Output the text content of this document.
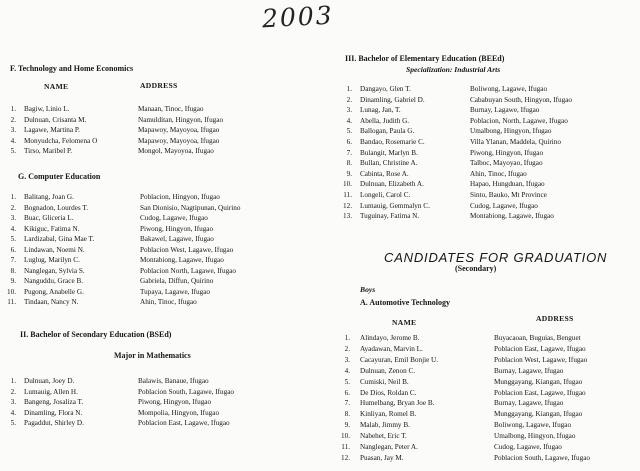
2003
F. Technology and Home Economics
NAME	ADDRESS
G. Computer Education
II. Bachelor of Secondary Education (BSEd)
Major in Mathematics
III. Bachelor of Elementary Education (BEEd)
Specialization: Industrial Arts
CANDIDATES FOR GRADUATION
(Secondary)
Boys
A. Automotive Technology
NAME	ADDRESS
1. Bagiw, Linio L.	Manaan, Tinoc, Ifugao
2. Dulnuan, Crisanta M.	Namulditan, Hingyon, Ifugao
3. Lagawe, Martina P.	Mapawoy, Mayoyoa, Ifugao
4. Monyudcha, Felomena O	Mapawoy, Mayoyoa, Ifugao
5. Tirso, Maribel P.	Mongol, Mayoyoa, Ifugao
1. Balitang, Joan G.	Poblacion, Hingyon, Ifugao
2. Bognadon, Lourdes T.	San Dionisio, Nagtipunan, Quirino
3. Buac, Gliceria L.	Cudog, Lagawe, Ifugao
4. Kikiguc, Fatima N.	Piwong, Hingyon, Ifugao
5. Lardizabal, Gina Mae T.	Bakawel, Lagawe, Ifugao
6. Lindawan, Noemi N.	Poblacion West, Lagawe, Ifugao
7. Luglug, Marilyn C.	Montabiong, Lagawe, Ifugao
8. Nanglegan, Sylvia S.	Poblacion North, Lagawe, Ifugao
9. Nanguddu, Grace B.	Gabriela, Diffun, Quirino
10. Pugong, Anabelle G.	Tupaya, Lagawe, Ifugao
11. Tindaan, Nancy N.	Ahin, Tinoc, Ifugao
1. Dulnuan, Joey D.	Balawis, Banaue, Ifugao
2. Lumauig, Allen H.	Poblacion South, Lagawe, Ifugao
3. Bangeng, Josaliza T.	Piwong, Hingyon, Ifugao
4. Dinamling, Flora N.	Mompolia, Hingyon, Ifugao
5. Pagaddut, Shirley D.	Poblacion East, Lagawe, Ifugao
1. Dangayo, Glen T.	Boliwong, Lagawe, Ifugao
2. Dinamling, Gabriel D.	Cababuyan South, Hingyon, Ifugao
3. Lunag, Jan, T.	Burnay, Lagawe, Ifugao
4. Abella, Judith G.	Poblacion, North, Lagawe, Ifugao
5. Ballogan, Paula G.	Umalbong, Hingyon, Ifugao
6. Bandao, Rosemarie C.	Villa Ylanan, Maddela, Quirino
7. Bulangit, Marlyn B.	Piwong, Hingyon, Ifugao
8. Bullan, Christine A.	Talboc, Mayoyao, Ifugao
9. Cabinta, Rose A.	Ahin, Tinoc, Ifugao
10. Dulnuan, Elizabeth A.	Hapao, Hungduan, Ifugao
11. Longeli, Carol C.	Sinto, Bauko, Mt Province
12. Lumauig, Gemmalyn C.	Cudog, Lagawe, Ifugao
13. Tuguinay, Fatima N.	Montabiong, Lagawe, Ifugao
1. Alindayo, Jerome B.	Buyacaoan, Buguias, Benguet
2. Ayadawan, Marvin L.	Poblacion East, Lagawe, Ifugao
3. Cacayuran, Emil Bonjie U.	Poblacion West, Lagawe, Ifugao
4. Dulnuan, Zenon C.	Burnay, Lagawe, Ifugao
5. Cumiski, Neil B.	Munggayang, Kiangan, Ifugao
6. De Dios, Roldan C.	Poblacion East, Lagawe, Ifugao
7. Humelbang, Bryan Joe B.	Burnay, Lagawe, Ifugao
8. Kinliyan, Romel B.	Munggayang, Kiangan, Ifugao
9. Malab, Jimmy B.	Boliwong, Lagawe, Ifugao
10. Nabehet, Eric T.	Umalbong, Hingyon, Ifugao
11. Nanglegan, Peter A.	Cudog, Lagawe, Ifugao
12. Puasan, Jay M.	Poblacion South, Lagawe, Ifugao
